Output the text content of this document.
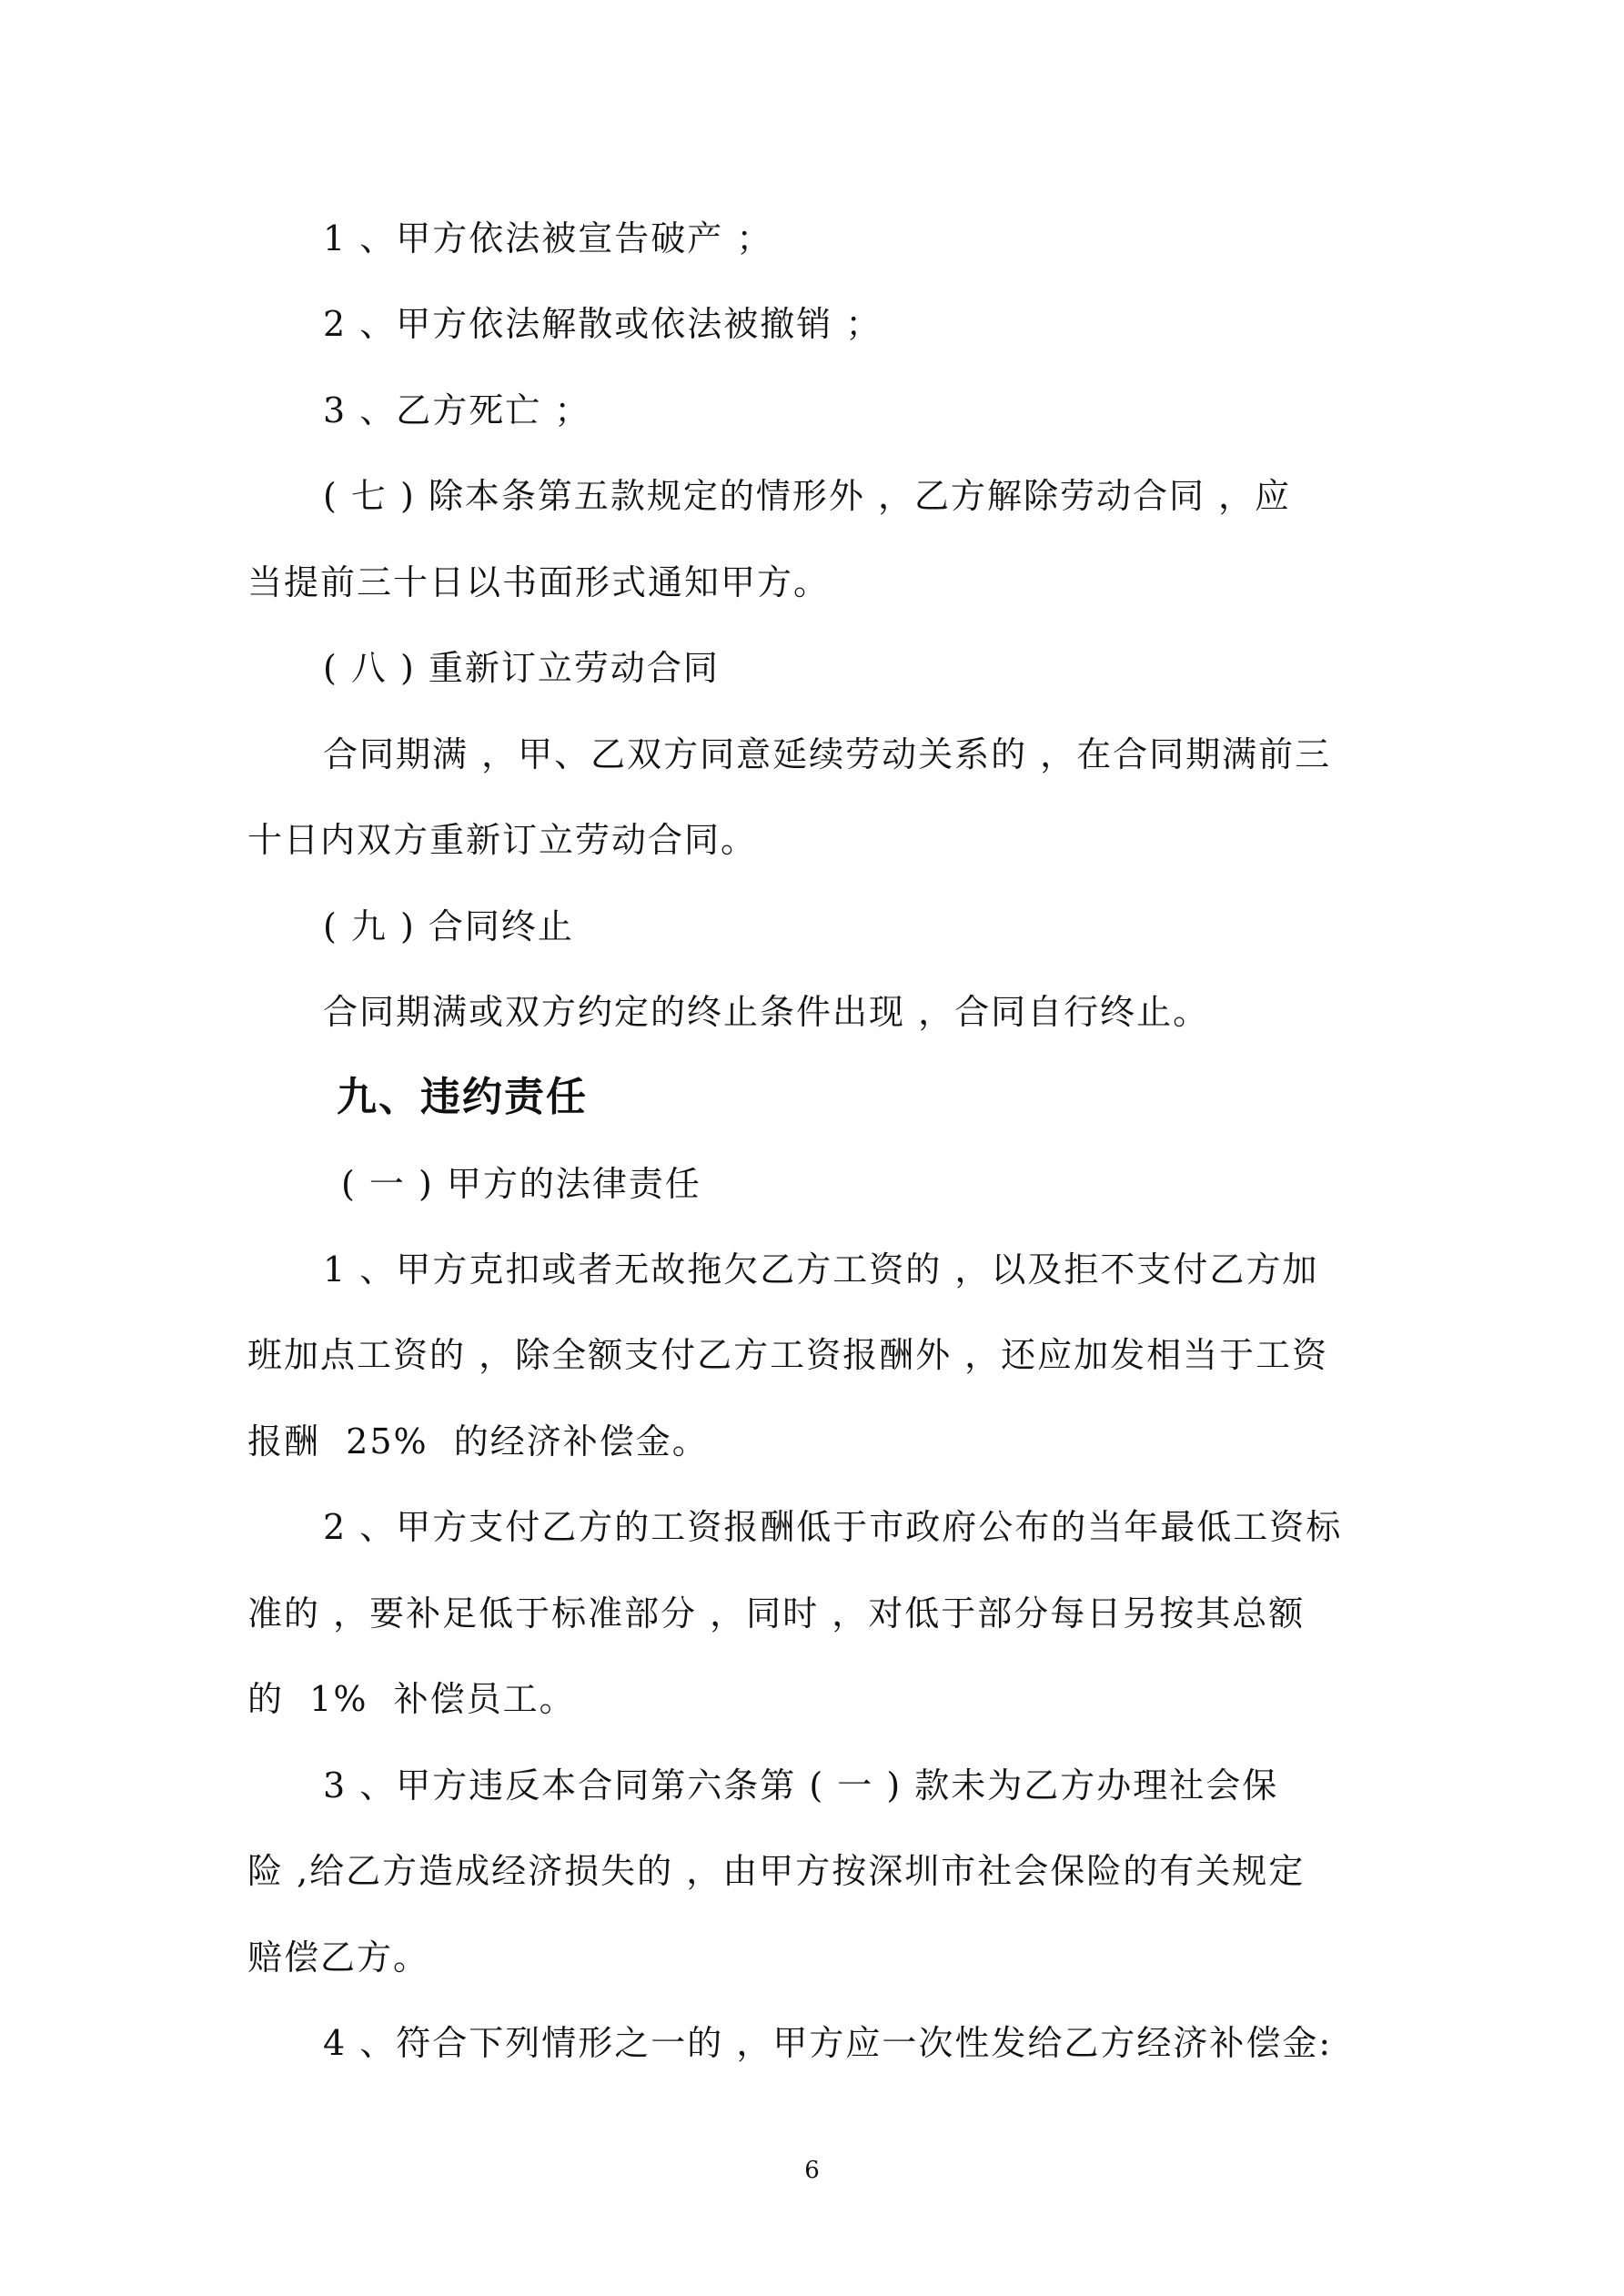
1 、甲方依法被宣告破产 ；
2 、甲方依法解散或依法被撤销 ；
3 、乙方死亡 ；
( 七 ) 除本条第五款规定的情形外 ，乙方解除劳动合同 ，应
当提前三十日以书面形式通知甲方。
( 八 ) 重新订立劳动合同
合同期满 ，甲、乙双方同意延续劳动关系的 ，在合同期满前三
十日内双方重新订立劳动合同。
( 九 ) 合同终止
合同期满或双方约定的终止条件出现 ，合同自行终止。
九、违约责任
( 一 ) 甲方的法律责任
1 、甲方克扣或者无故拖欠乙方工资的 ，以及拒不支付乙方加
班加点工资的 ，除全额支付乙方工资报酬外 ，还应加发相当于工资
报酬  25%  的经济补偿金。
2 、甲方支付乙方的工资报酬低于市政府公布的当年最低工资标
准的 ，要补足低于标准部分 ，同时 ，对低于部分每日另按其总额
的  1%  补偿员工。
3 、甲方违反本合同第六条第 ( 一 ) 款未为乙方办理社会保
险 ,给乙方造成经济损失的 ，由甲方按深圳市社会保险的有关规定
赔偿乙方。
4 、符合下列情形之一的 ，甲方应一次性发给乙方经济补偿金:
6
